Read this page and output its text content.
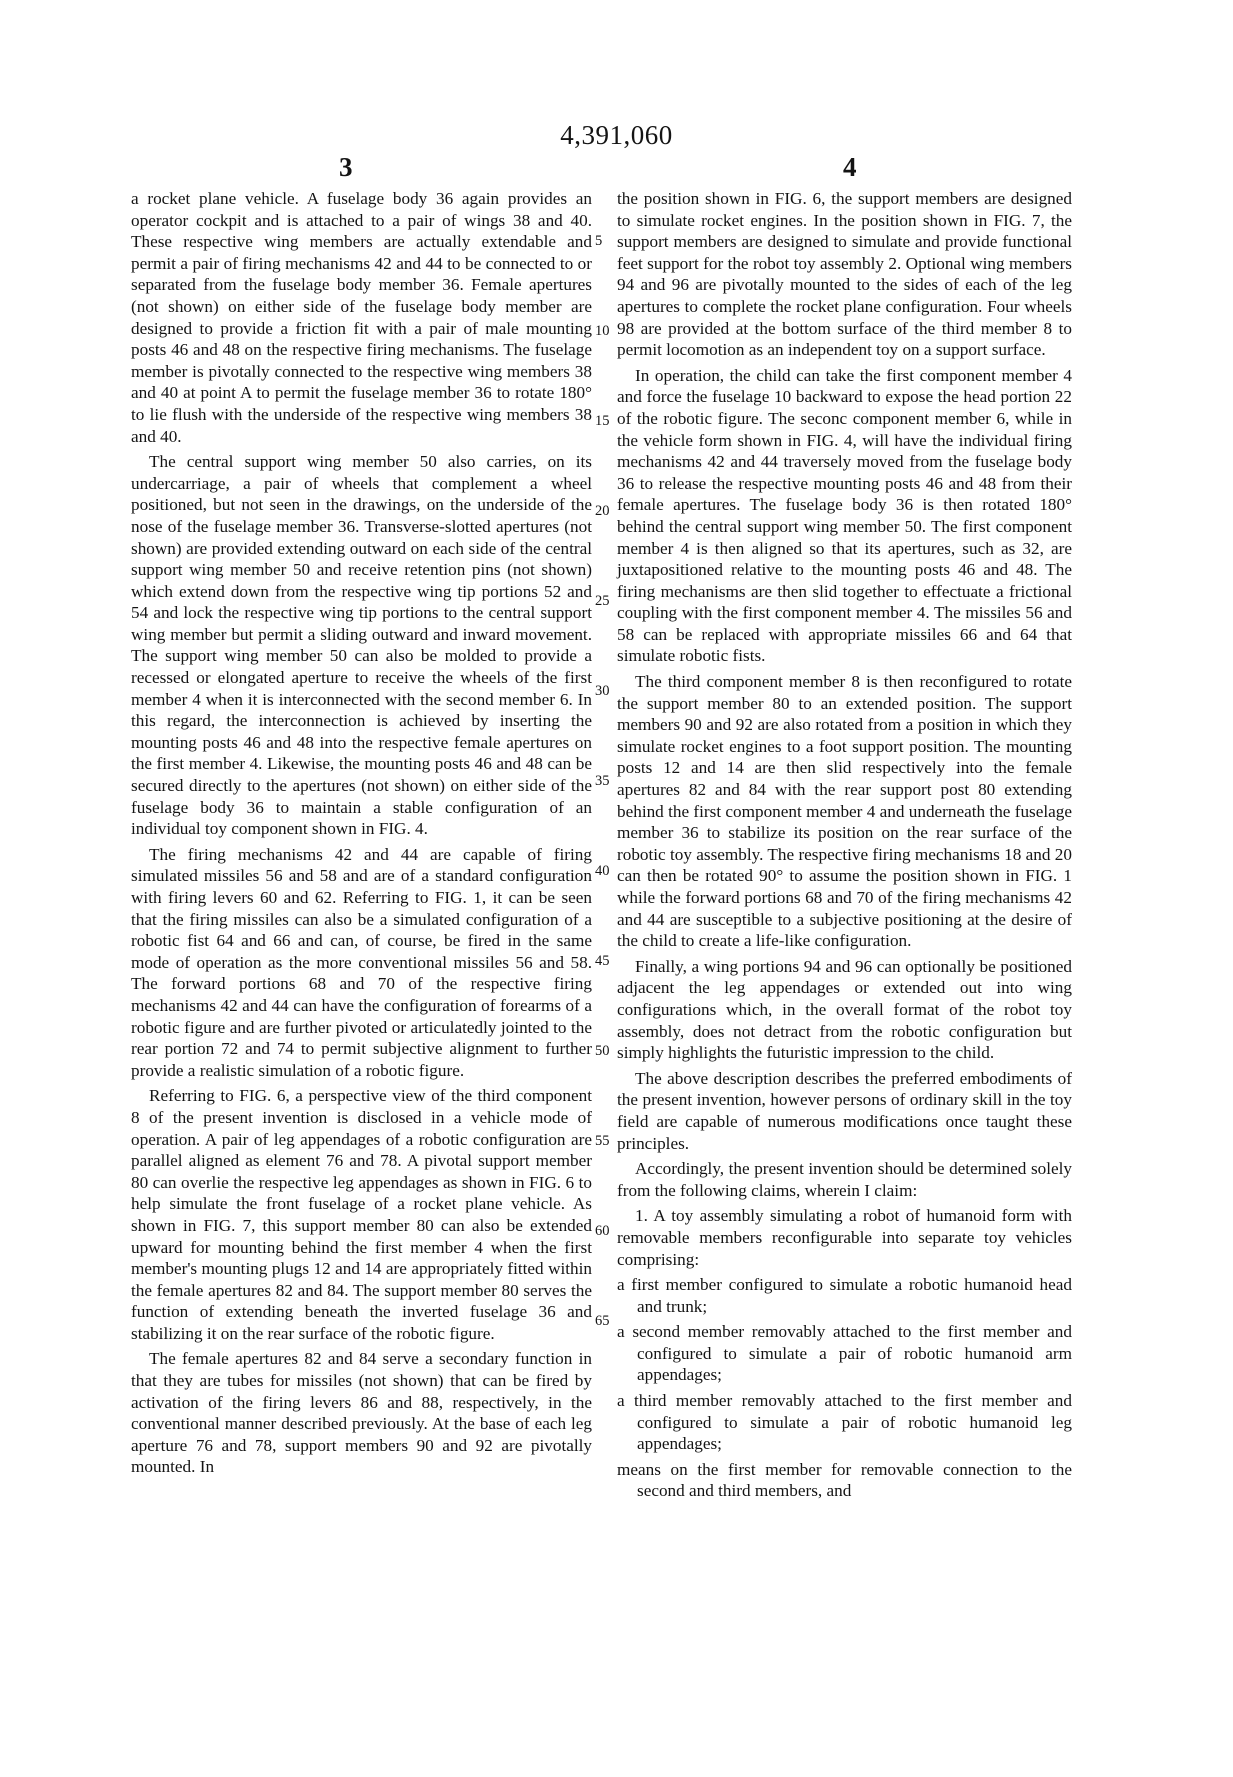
4,391,060
3	4

a rocket plane vehicle. A fuselage body 36 again provides an operator cockpit and is attached to a pair of wings 38 and 40. These respective wing members are actually extendable and permit a pair of firing mechanisms 42 and 44 to be connected to or separated from the fuselage body member 36. Female apertures (not shown) on either side of the fuselage body member are designed to provide a friction fit with a pair of male mounting posts 46 and 48 on the respective firing mechanisms. The fuselage member is pivotally connected to the respective wing members 38 and 40 at point A to permit the fuselage member 36 to rotate 180° to lie flush with the underside of the respective wing members 38 and 40.

The central support wing member 50 also carries, on its undercarriage, a pair of wheels that complement a wheel positioned, but not seen in the drawings, on the underside of the nose of the fuselage member 36. Transverse-slotted apertures (not shown) are provided extending outward on each side of the central support wing member 50 and receive retention pins (not shown) which extend down from the respective wing tip portions 52 and 54 and lock the respective wing tip portions to the central support wing member but permit a sliding outward and inward movement. The support wing member 50 can also be molded to provide a recessed or elongated aperture to receive the wheels of the first member 4 when it is interconnected with the second member 6. In this regard, the interconnection is achieved by inserting the mounting posts 46 and 48 into the respective female apertures on the first member 4. Likewise, the mounting posts 46 and 48 can be secured directly to the apertures (not shown) on either side of the fuselage body 36 to maintain a stable configuration of an individual toy component shown in FIG. 4.

The firing mechanisms 42 and 44 are capable of firing simulated missiles 56 and 58 and are of a standard configuration with firing levers 60 and 62. Referring to FIG. 1, it can be seen that the firing missiles can also be a simulated configuration of a robotic fist 64 and 66 and can, of course, be fired in the same mode of operation as the more conventional missiles 56 and 58. The forward portions 68 and 70 of the respective firing mechanisms 42 and 44 can have the configuration of forearms of a robotic figure and are further pivoted or articulatedly jointed to the rear portion 72 and 74 to permit subjective alignment to further provide a realistic simulation of a robotic figure.

Referring to FIG. 6, a perspective view of the third component 8 of the present invention is disclosed in a vehicle mode of operation. A pair of leg appendages of a robotic configuration are parallel aligned as element 76 and 78. A pivotal support member 80 can overlie the respective leg appendages as shown in FIG. 6 to help simulate the front fuselage of a rocket plane vehicle. As shown in FIG. 7, this support member 80 can also be extended upward for mounting behind the first member 4 when the first member's mounting plugs 12 and 14 are appropriately fitted within the female apertures 82 and 84. The support member 80 serves the function of extending beneath the inverted fuselage 36 and stabilizing it on the rear surface of the robotic figure.

The female apertures 82 and 84 serve a secondary function in that they are tubes for missiles (not shown) that can be fired by activation of the firing levers 86 and 88, respectively, in the conventional manner described previously. At the base of each leg aperture 76 and 78, support members 90 and 92 are pivotally mounted. In

the position shown in FIG. 6, the support members are designed to simulate rocket engines. In the position shown in FIG. 7, the support members are designed to simulate and provide functional feet support for the robot toy assembly 2. Optional wing members 94 and 96 are pivotally mounted to the sides of each of the leg apertures to complete the rocket plane configuration. Four wheels 98 are provided at the bottom surface of the third member 8 to permit locomotion as an independent toy on a support surface.

In operation, the child can take the first component member 4 and force the fuselage 10 backward to expose the head portion 22 of the robotic figure. The seconc component member 6, while in the vehicle form shown in FIG. 4, will have the individual firing mechanisms 42 and 44 traversely moved from the fuselage body 36 to release the respective mounting posts 46 and 48 from their female apertures. The fuselage body 36 is then rotated 180° behind the central support wing member 50. The first component member 4 is then aligned so that its apertures, such as 32, are juxtapositioned relative to the mounting posts 46 and 48. The firing mechanisms are then slid together to effectuate a frictional coupling with the first component member 4. The missiles 56 and 58 can be replaced with appropriate missiles 66 and 64 that simulate robotic fists.

The third component member 8 is then reconfigured to rotate the support member 80 to an extended position. The support members 90 and 92 are also rotated from a position in which they simulate rocket engines to a foot support position. The mounting posts 12 and 14 are then slid respectively into the female apertures 82 and 84 with the rear support post 80 extending behind the first component member 4 and underneath the fuselage member 36 to stabilize its position on the rear surface of the robotic toy assembly. The respective firing mechanisms 18 and 20 can then be rotated 90° to assume the position shown in FIG. 1 while the forward portions 68 and 70 of the firing mechanisms 42 and 44 are susceptible to a subjective positioning at the desire of the child to create a life-like configuration.

Finally, a wing portions 94 and 96 can optionally be positioned adjacent the leg appendages or extended out into wing configurations which, in the overall format of the robot toy assembly, does not detract from the robotic configuration but simply highlights the futuristic impression to the child.

The above description describes the preferred embodiments of the present invention, however persons of ordinary skill in the toy field are capable of numerous modifications once taught these principles.

Accordingly, the present invention should be determined solely from the following claims, wherein I claim:

1. A toy assembly simulating a robot of humanoid form with removable members reconfigurable into separate toy vehicles comprising:

a first member configured to simulate a robotic humanoid head and trunk;
a second member removably attached to the first member and configured to simulate a pair of robotic humanoid arm appendages;
a third member removably attached to the first member and configured to simulate a pair of robotic humanoid leg appendages;
means on the first member for removable connection to the second and third members, and
5
10
15
20
25
30
35
40
45
50
55
60
65
